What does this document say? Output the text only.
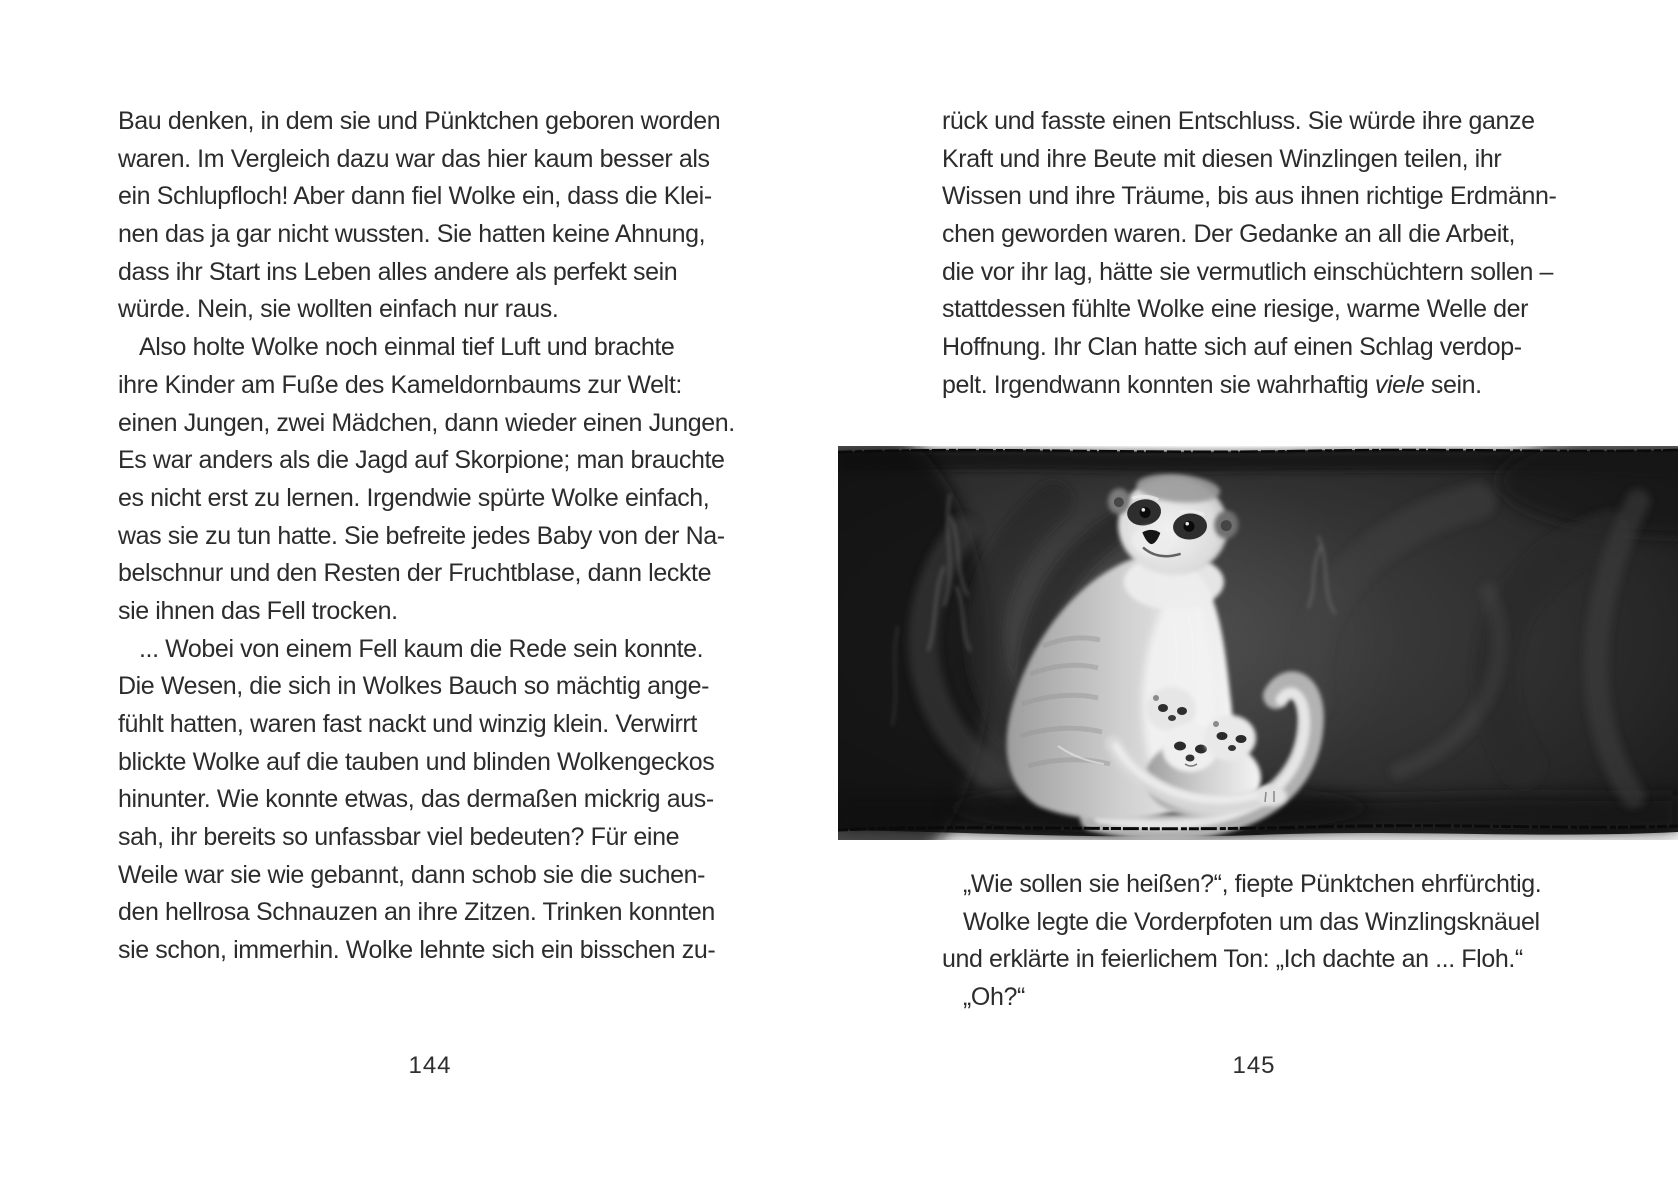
Bau denken, in dem sie und Pünktchen geboren worden
waren. Im Vergleich dazu war das hier kaum besser als
ein Schlupfloch! Aber dann fiel Wolke ein, dass die Klei-
nen das ja gar nicht wussten. Sie hatten keine Ahnung,
dass ihr Start ins Leben alles andere als perfekt sein
würde. Nein, sie wollten einfach nur raus.
Also holte Wolke noch einmal tief Luft und brachte
ihre Kinder am Fuße des Kameldornbaums zur Welt:
einen Jungen, zwei Mädchen, dann wieder einen Jungen.
Es war anders als die Jagd auf Skorpione; man brauchte
es nicht erst zu lernen. Irgendwie spürte Wolke einfach,
was sie zu tun hatte. Sie befreite jedes Baby von der Na-
belschnur und den Resten der Fruchtblase, dann leckte
sie ihnen das Fell trocken.
... Wobei von einem Fell kaum die Rede sein konnte.
Die Wesen, die sich in Wolkes Bauch so mächtig ange-
fühlt hatten, waren fast nackt und winzig klein. Verwirrt
blickte Wolke auf die tauben und blinden Wolkengeckos
hinunter. Wie konnte etwas, das dermaßen mickrig aus-
sah, ihr bereits so unfassbar viel bedeuten? Für eine
Weile war sie wie gebannt, dann schob sie die suchen-
den hellrosa Schnauzen an ihre Zitzen. Trinken konnten
sie schon, immerhin. Wolke lehnte sich ein bisschen zu-
144
rück und fasste einen Entschluss. Sie würde ihre ganze
Kraft und ihre Beute mit diesen Winzlingen teilen, ihr
Wissen und ihre Träume, bis aus ihnen richtige Erdmänn-
chen geworden waren. Der Gedanke an all die Arbeit,
die vor ihr lag, hätte sie vermutlich einschüchtern sollen –
stattdessen fühlte Wolke eine riesige, warme Welle der
Hoffnung. Ihr Clan hatte sich auf einen Schlag verdop-
pelt. Irgendwann konnten sie wahrhaftig viele sein.
„Wie sollen sie heißen?“, fiepte Pünktchen ehrfürchtig.
Wolke legte die Vorderpfoten um das Winzlingsknäuel
und erklärte in feierlichem Ton: „Ich dachte an ... Floh.“
„Oh?“
145
